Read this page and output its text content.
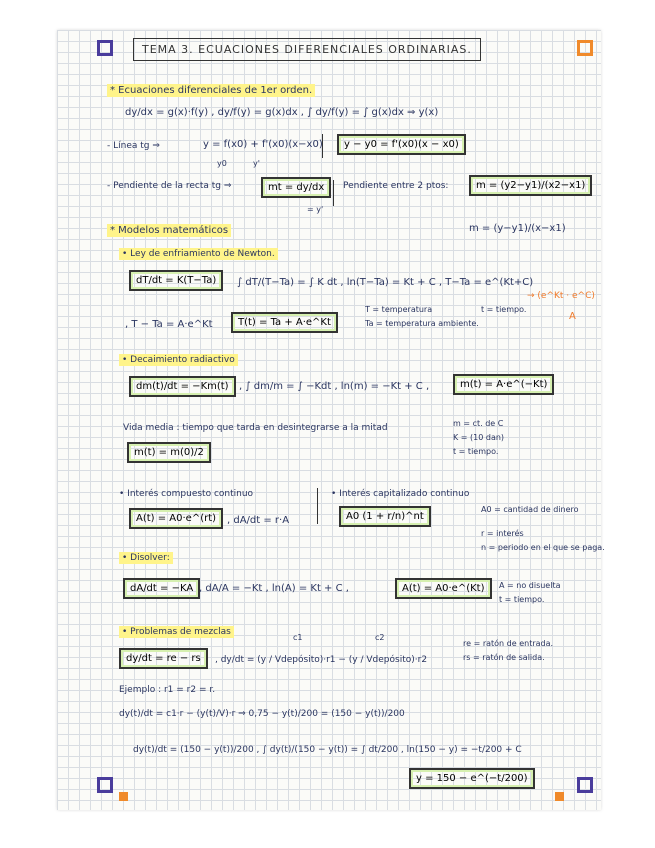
TEMA 3. ECUACIONES DIFERENCIALES ORDINARIAS.
* Ecuaciones diferenciales de 1er orden.
dy/dx = g(x)·f(y) , dy/f(y) = g(x)dx , ∫ dy/f(y) = ∫ g(x)dx ⇒ y(x)
- Línea tg ⇒	y = f(x0) + f'(x0)(x−x0)
y0	y'
y − y0 = f'(x0)(x − x0)
- Pendiente de la recta tg ⇒	mt = dy/dx
= y'
Pendiente entre 2 ptos:	m = (y2−y1)/(x2−x1)
m = (y−y1)/(x−x1)
* Modelos matemáticos
• Ley de enfriamiento de Newton.
dT/dt = K(T−Ta)	∫ dT/(T−Ta) = ∫ K dt , ln(T−Ta) = Kt + C , T−Ta = e^(Kt+C)
→ (e^Kt · e^C)
A
, T − Ta = A·e^Kt	T(t) = Ta + A·e^Kt
T = temperatura
Ta = temperatura ambiente.
t = tiempo.
• Decaimiento radiactivo
dm(t)/dt = −Km(t)	, ∫ dm/m = ∫ −Kdt , ln(m) = −Kt + C ,	m(t) = A·e^(−Kt)
Vida media : tiempo que tarda en desintegrarse a la mitad
m(t) = m(0)/2
m = ct. de C
K = (10 dan)
t = tiempo.
• Interés compuesto continuo
A(t) = A0·e^(rt)	, dA/dt = r·A
• Interés capitalizado continuo
A0 (1 + r/n)^nt
A0 = cantidad de dinero
r = interés
n = periodo en el que se paga.
• Disolver:
dA/dt = −KA , dA/A = −Kt , ln(A) = Kt + C ,	A(t) = A0·e^(Kt)	A = no disuelta
t = tiempo.
• Problemas de mezclas
c1	c2
dy/dt = re − rs	, dy/dt = (y / Vdepósito)·r1 − (y / Vdepósito)·r2
re = ratón de entrada.
rs = ratón de salida.
Ejemplo : r1 = r2 = r.
dy(t)/dt = c1·r − (y(t)/V)·r ⇒ 0,75 − y(t)/200 = (150 − y(t))/200
dy(t)/dt = (150 − y(t))/200 , ∫ dy(t)/(150 − y(t)) = ∫ dt/200 , ln(150 − y) = −t/200 + C
y = 150 − e^(−t/200)
